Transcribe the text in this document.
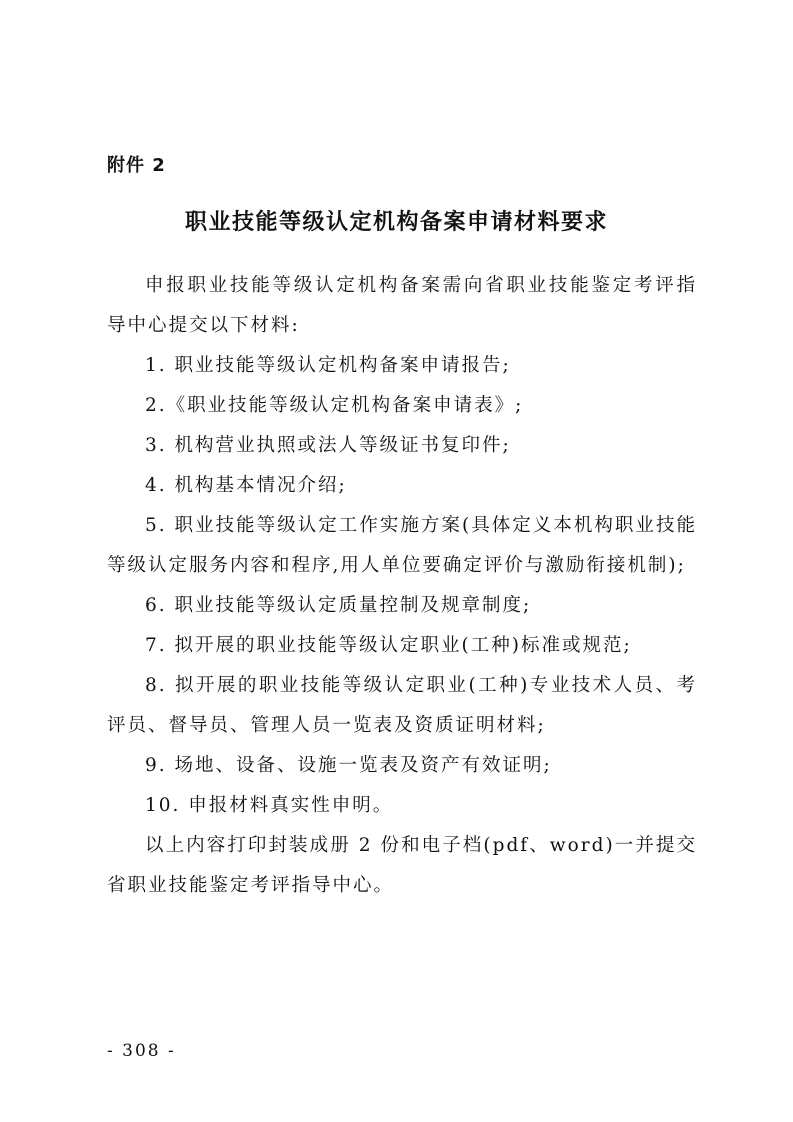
附件 2
职业技能等级认定机构备案申请材料要求

申报职业技能等级认定机构备案需向省职业技能鉴定考评指导中心提交以下材料:

1. 职业技能等级认定机构备案申请报告;

2.《职业技能等级认定机构备案申请表》;

3. 机构营业执照或法人等级证书复印件;

4. 机构基本情况介绍;

5. 职业技能等级认定工作实施方案(具体定义本机构职业技能等级认定服务内容和程序,用人单位要确定评价与激励衔接机制);

6. 职业技能等级认定质量控制及规章制度;

7. 拟开展的职业技能等级认定职业(工种)标准或规范;

8. 拟开展的职业技能等级认定职业(工种)专业技术人员、考评员、督导员、管理人员一览表及资质证明材料;

9. 场地、设备、设施一览表及资产有效证明;

10. 申报材料真实性申明。

以上内容打印封装成册 2 份和电子档(pdf、word)一并提交省职业技能鉴定考评指导中心。

- 308 -
